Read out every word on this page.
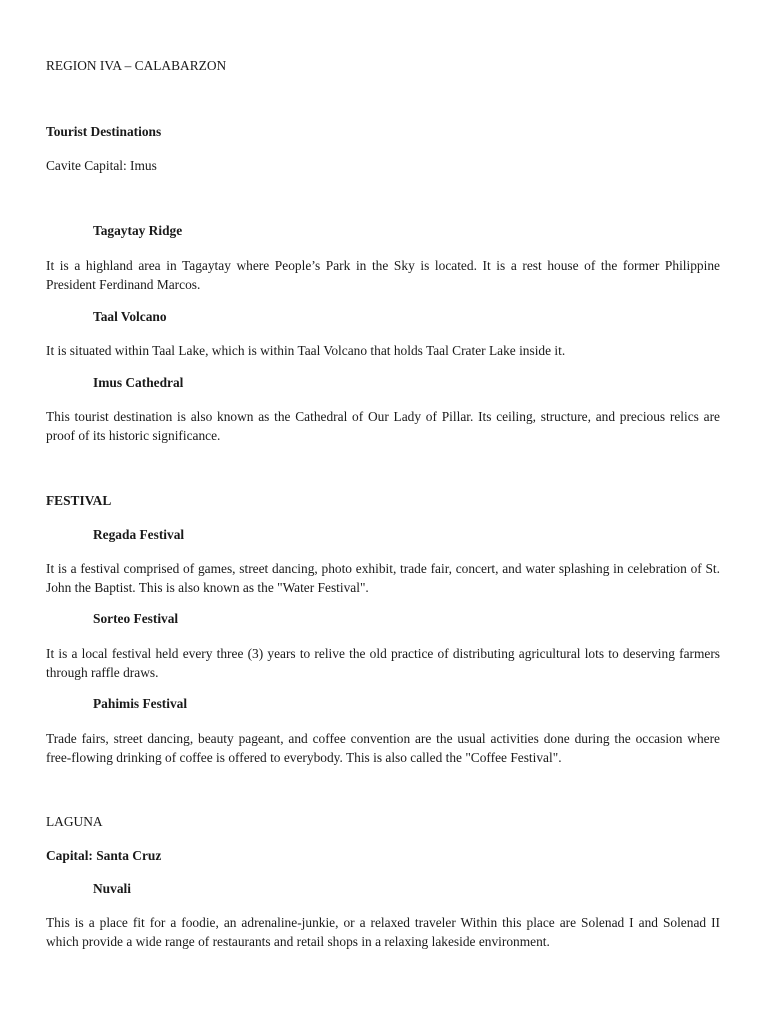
REGION IVA – CALABARZON
Tourist Destinations
Cavite Capital: Imus
Tagaytay Ridge

It is a highland area in Tagaytay where People’s Park in the Sky is located. It is a rest house of the former Philippine President Ferdinand Marcos.

Taal Volcano

It is situated within Taal Lake, which is within Taal Volcano that holds Taal Crater Lake inside it.

Imus Cathedral

This tourist destination is also known as the Cathedral of Our Lady of Pillar. Its ceiling, structure, and precious relics are proof of its historic significance.

FESTIVAL
Regada Festival

It is a festival comprised of games, street dancing, photo exhibit, trade fair, concert, and water splashing in celebration of St. John the Baptist. This is also known as the "Water Festival".

Sorteo Festival

It is a local festival held every three (3) years to relive the old practice of distributing agricultural lots to deserving farmers through raffle draws.

Pahimis Festival

Trade fairs, street dancing, beauty pageant, and coffee convention are the usual activities done during the occasion where free-flowing drinking of coffee is offered to everybody. This is also called the "Coffee Festival".

LAGUNA
Capital: Santa Cruz
Nuvali

This is a place fit for a foodie, an adrenaline-junkie, or a relaxed traveler Within this place are Solenad I and Solenad II which provide a wide range of restaurants and retail shops in a relaxing lakeside environment.
